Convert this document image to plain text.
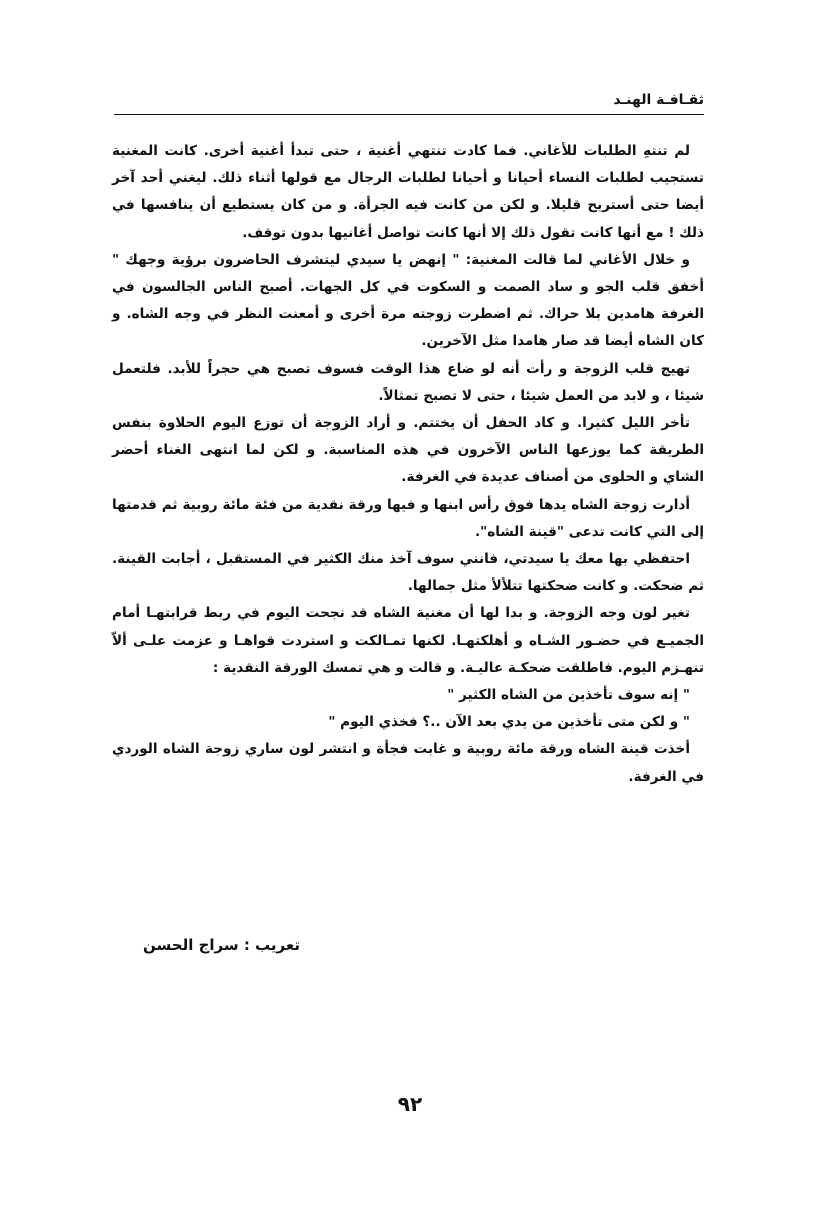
ثقـافـة الهنـد

لم تنتهِ الطلبات للأغاني. فما كادت تنتهي أغنية ، حتى تبدأ أغنية أخرى. كانت المغنية تستجيب لطلبات النساء أحيانا و أحيانا لطلبات الرجال مع قولها أثناء ذلك. ليغني أحد آخر أيضا حتى أستريح قليلا. و لكن من كانت فيه الجرأة. و من كان يستطيع أن ينافسها في ذلك ! مع أنها كانت تقول ذلك إلا أنها كانت تواصل أغانيها بدون توقف.

و خلال الأغاني لما قالت المغنية: " إنهض يا سيدي ليتشرف الحاضرون برؤية وجهك " أخفق قلب الجو و ساد الصمت و السكوت في كل الجهات. أصبح الناس الجالسون في الغرفة هامدين بلا حراك. ثم اضطرت زوجته مرة أخرى و أمعنت النظر في وجه الشاه. و كان الشاه أيضا قد صار هامدا مثل الآخرين.

تهيج قلب الزوجة و رأت أنه لو ضاع هذا الوقت فسوف تصبح هي حجراً للأبد. فلتعمل شيئا ، و لابد من العمل شيئا ، حتى لا تصبح تمثالاً.

تأخر الليل كثيرا. و كاد الحفل أن يختتم. و أراد الزوجة أن توزع اليوم الحلاوة بنفس الطريقة كما يوزعها الناس الآخرون في هذه المناسبة. و لكن لما انتهى الغناء أحضر الشاي و الحلوى من أصناف عديدة في الغرفة.

أدارت زوجة الشاه يدها فوق رأس ابنها و فيها ورقة نقدية من فئة مائة روبية ثم قدمتها إلى التي كانت تدعى "قينة الشاه".

احتفظي بها معك يا سيدتي، فانني سوف آخذ منك الكثير في المستقبل ، أجابت القينة. ثم ضحكت. و كانت ضحكتها تتلألأ مثل جمالها.

تغير لون وجه الزوجة. و بدا لها أن مغنية الشاه قد نجحت اليوم في ربط قرابتهـا أمام الجميـع في حضـور الشـاه و أهلكتهـا. لكنها تمـالكت و استردت قواهـا و عزمت علـى ألاّ تنهـزم اليوم. فاطلقت ضحكـة عاليـة. و قالت و هي تمسك الورقة النقدية :

" إنه سوف تأخذين من الشاه الكثير "

" و لكن متى تأخذين من يدي بعد الآن ..؟ فخذي اليوم "

أخذت قينة الشاه ورقة مائة روبية و غابت فجأة و انتشر لون ساري زوجة الشاه الوردي في الغرفة.

تعريب : سراج الحسن
٩٢
